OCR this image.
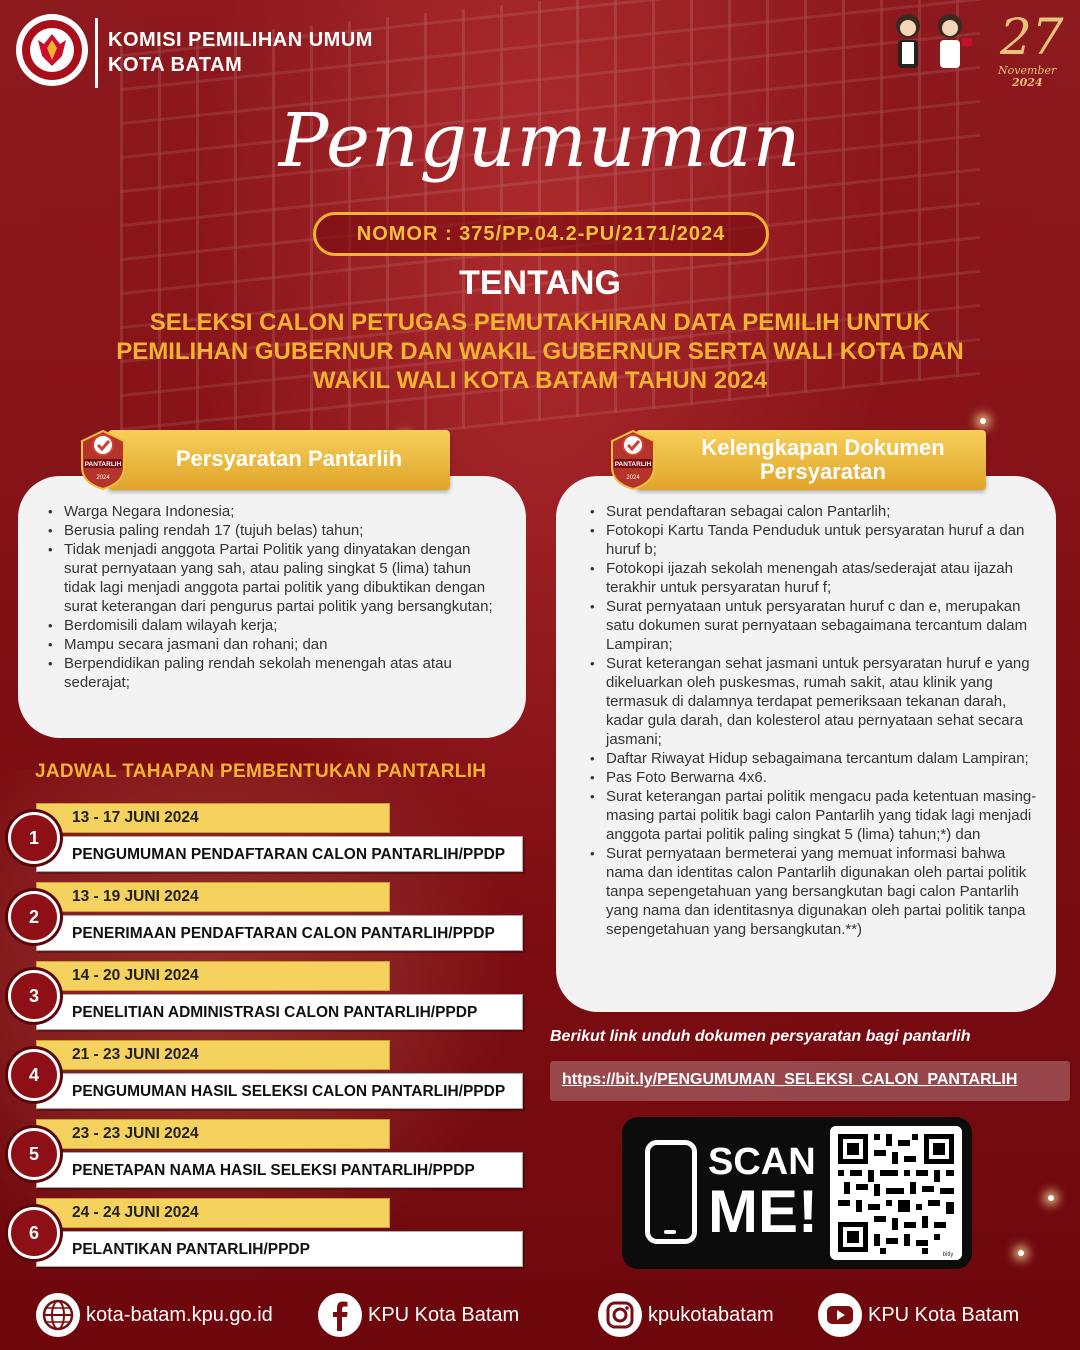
KOMISI PEMILIHAN UMUM
KOTA BATAM	27
November
2024
Pengumuman
NOMOR : 375/PP.04.2-PU/2171/2024
TENTANG
SELEKSI CALON PETUGAS PEMUTAKHIRAN DATA PEMILIH UNTUK
PEMILIHAN GUBERNUR DAN WAKIL GUBERNUR SERTA WALI KOTA DAN
WAKIL WALI KOTA BATAM TAHUN 2024
• Warga Negara Indonesia;
• Berusia paling rendah 17 (tujuh belas) tahun;
• Tidak menjadi anggota Partai Politik yang dinyatakan dengan surat pernyataan yang sah, atau paling singkat 5 (lima) tahun tidak lagi menjadi anggota partai politik yang dibuktikan dengan surat keterangan dari pengurus partai politik yang bersangkutan;
• Berdomisili dalam wilayah kerja;
• Mampu secara jasmani dan rohani; dan
• Berpendidikan paling rendah sekolah menengah atas atau sederajat;
Persyaratan Pantarlih
PANTARLIH
2024
• Surat pendaftaran sebagai calon Pantarlih;
• Fotokopi Kartu Tanda Penduduk untuk persyaratan huruf a dan huruf b;
• Fotokopi ijazah sekolah menengah atas/sederajat atau ijazah terakhir untuk persyaratan huruf f;
• Surat pernyataan untuk persyaratan huruf c dan e, merupakan satu dokumen surat pernyataan sebagaimana tercantum dalam Lampiran;
• Surat keterangan sehat jasmani untuk persyaratan huruf e yang dikeluarkan oleh puskesmas, rumah sakit, atau klinik yang termasuk di dalamnya terdapat pemeriksaan tekanan darah, kadar gula darah, dan kolesterol atau pernyataan sehat secara jasmani;
• Daftar Riwayat Hidup sebagaimana tercantum dalam Lampiran;
• Pas Foto Berwarna 4x6.
• Surat keterangan partai politik mengacu pada ketentuan masing-masing partai politik bagi calon Pantarlih yang tidak lagi menjadi anggota partai politik paling singkat 5 (lima) tahun;*) dan
• Surat pernyataan bermeterai yang memuat informasi bahwa nama dan identitas calon Pantarlih digunakan oleh partai politik tanpa sepengetahuan yang bersangkutan bagi calon Pantarlih yang nama dan identitasnya digunakan oleh partai politik tanpa sepengetahuan yang bersangkutan.**)
Kelengkapan Dokumen
Persyaratan
PANTARLIH
2024
JADWAL TAHAPAN PEMBENTUKAN PANTARLIH
13 - 17 JUNI 2024
PENGUMUMAN PENDAFTARAN CALON PANTARLIH/PPDP
1
13 - 19 JUNI 2024
PENERIMAAN PENDAFTARAN CALON PANTARLIH/PPDP
2
14 - 20 JUNI 2024
PENELITIAN ADMINISTRASI CALON PANTARLIH/PPDP
3
21 - 23 JUNI 2024
PENGUMUMAN HASIL SELEKSI CALON PANTARLIH/PPDP
4
23 - 23 JUNI 2024
PENETAPAN NAMA HASIL SELEKSI PANTARLIH/PPDP
5
24 - 24 JUNI 2024
PELANTIKAN PANTARLIH/PPDP
6
Berikut link unduh dokumen persyaratan bagi pantarlih
https://bit.ly/PENGUMUMAN_SELEKSI_CALON_PANTARLIH
SCAN
ME!
bitly
kota-batam.kpu.go.id	KPU Kota Batam	kpukotabatam	KPU Kota Batam
